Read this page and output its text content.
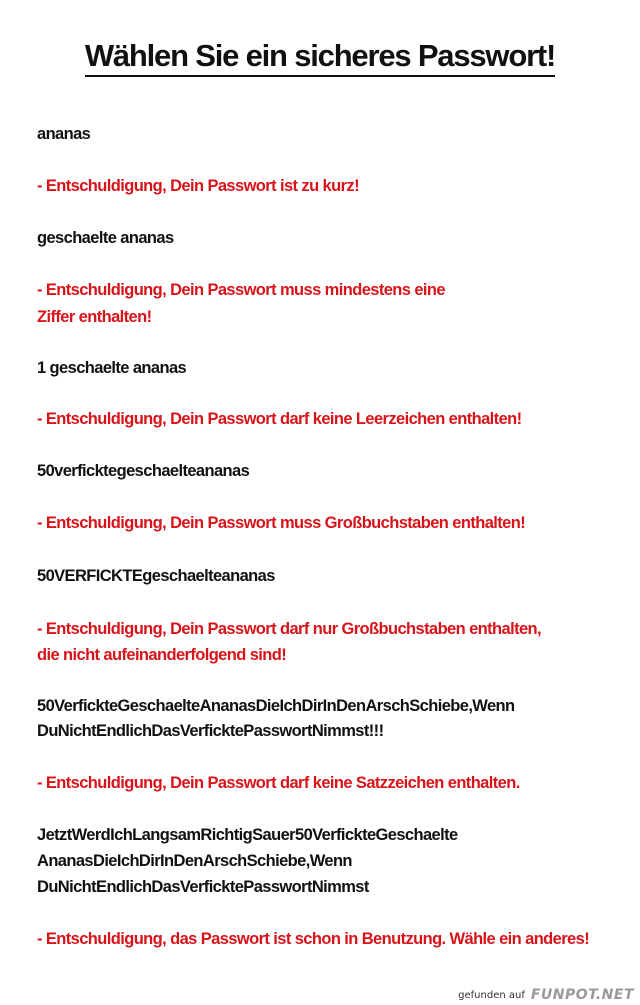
Wählen Sie ein sicheres Passwort!
ananas
- Entschuldigung, Dein Passwort ist zu kurz!
geschaelte ananas
- Entschuldigung, Dein Passwort muss mindestens eine
Ziffer enthalten!
1 geschaelte ananas
- Entschuldigung, Dein Passwort darf keine Leerzeichen enthalten!
50verficktegeschaelteananas
- Entschuldigung, Dein Passwort muss Großbuchstaben enthalten!
50VERFICKTEgeschaelteananas
- Entschuldigung, Dein Passwort darf nur Großbuchstaben enthalten,
die nicht aufeinanderfolgend sind!
50VerfickteGeschaelteAnanasDieIchDirInDenArschSchiebe,Wenn
DuNichtEndlichDasVerficktePasswortNimmst!!!
- Entschuldigung, Dein Passwort darf keine Satzzeichen enthalten.
JetztWerdIchLangsamRichtigSauer50VerfickteGeschaelte
AnanasDieIchDirInDenArschSchiebe,Wenn
DuNichtEndlichDasVerficktePasswortNimmst
- Entschuldigung, das Passwort ist schon in Benutzung. Wähle ein anderes!
gefunden auf FUNPOT.NET
